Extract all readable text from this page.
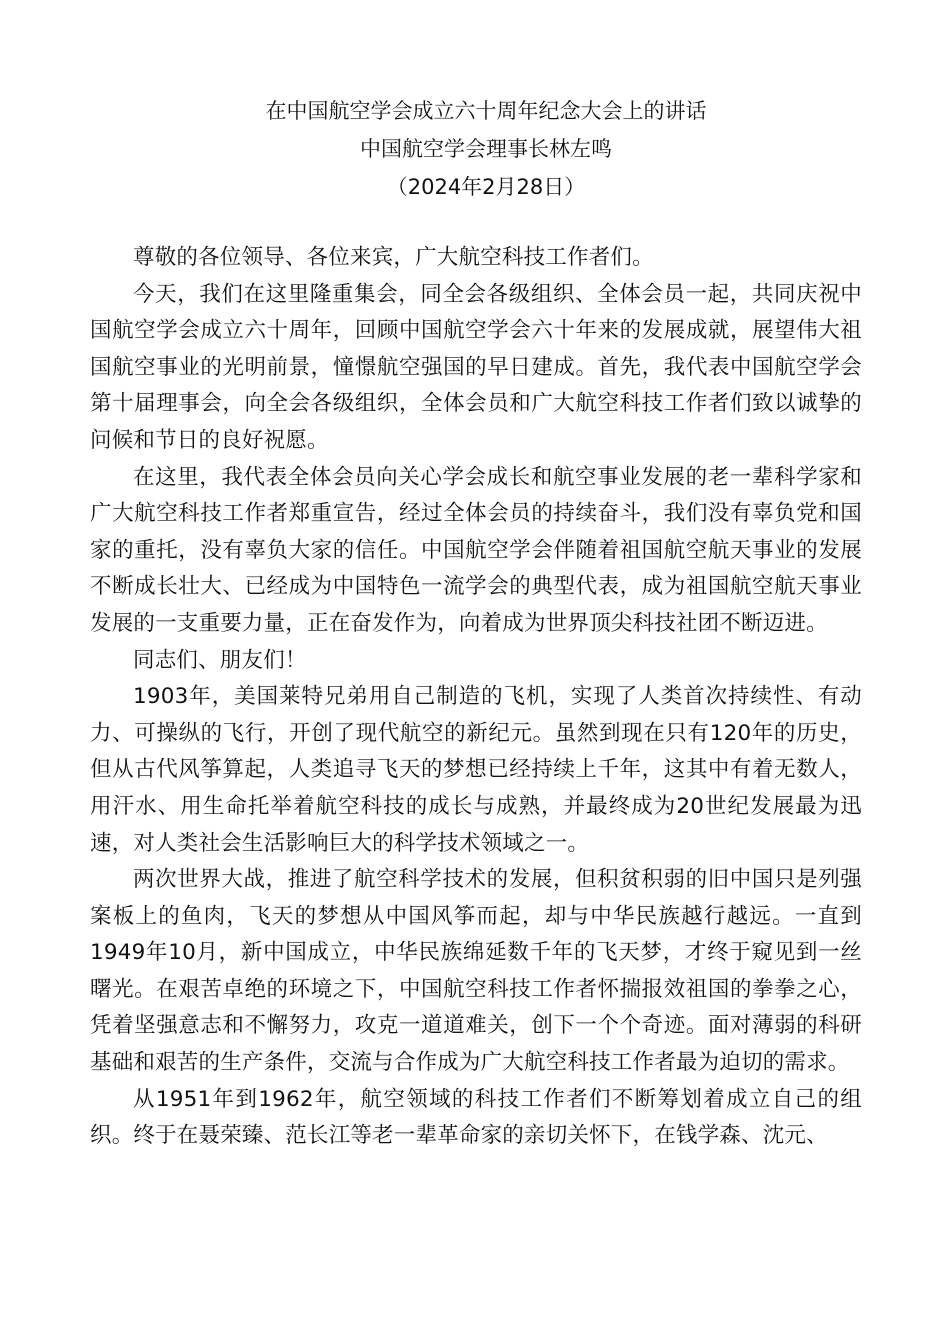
在中国航空学会成立六十周年纪念大会上的讲话
中国航空学会理事长林左鸣
（2024年2月28日）

尊敬的各位领导、各位来宾，广大航空科技工作者们。

今天，我们在这里隆重集会，同全会各级组织、全体会员一起，共同庆祝中国航空学会成立六十周年，回顾中国航空学会六十年来的发展成就，展望伟大祖国航空事业的光明前景，憧憬航空强国的早日建成。首先，我代表中国航空学会第十届理事会，向全会各级组织，全体会员和广大航空科技工作者们致以诚挚的问候和节日的良好祝愿。

在这里，我代表全体会员向关心学会成长和航空事业发展的老一辈科学家和广大航空科技工作者郑重宣告，经过全体会员的持续奋斗，我们没有辜负党和国家的重托，没有辜负大家的信任。中国航空学会伴随着祖国航空航天事业的发展不断成长壮大、已经成为中国特色一流学会的典型代表，成为祖国航空航天事业发展的一支重要力量，正在奋发作为，向着成为世界顶尖科技社团不断迈进。

同志们、朋友们！

1903年，美国莱特兄弟用自己制造的飞机，实现了人类首次持续性、有动力、可操纵的飞行，开创了现代航空的新纪元。虽然到现在只有120年的历史，但从古代风筝算起，人类追寻飞天的梦想已经持续上千年，这其中有着无数人，用汗水、用生命托举着航空科技的成长与成熟，并最终成为20世纪发展最为迅速，对人类社会生活影响巨大的科学技术领域之一。

两次世界大战，推进了航空科学技术的发展，但积贫积弱的旧中国只是列强案板上的鱼肉，飞天的梦想从中国风筝而起，却与中华民族越行越远。一直到1949年10月，新中国成立，中华民族绵延数千年的飞天梦，才终于窥见到一丝曙光。在艰苦卓绝的环境之下，中国航空科技工作者怀揣报效祖国的拳拳之心，凭着坚强意志和不懈努力，攻克一道道难关，创下一个个奇迹。面对薄弱的科研基础和艰苦的生产条件，交流与合作成为广大航空科技工作者最为迫切的需求。

从1951年到1962年，航空领域的科技工作者们不断筹划着成立自己的组织。终于在聂荣臻、范长江等老一辈革命家的亲切关怀下，在钱学森、沈元、
